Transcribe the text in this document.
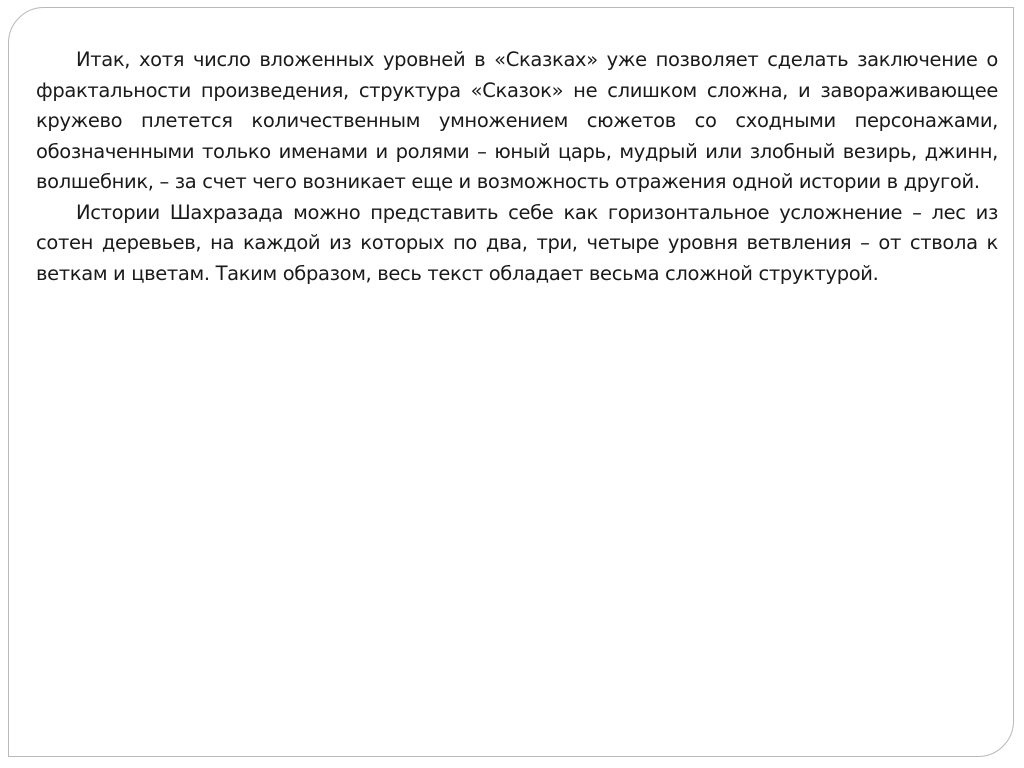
Итак, хотя число вложенных уровней в «Сказках» уже позволяет сделать заключение о фрактальности произведения, структура «Сказок» не слишком сложна, и завораживающее кружево плетется количественным умножением сюжетов со сходными персонажами, обозначенными только именами и ролями – юный царь, мудрый или злобный везирь, джинн, волшебник, – за счет чего возникает еще и возможность отражения одной истории в другой.

Истории Шахразада можно представить себе как горизонтальное усложнение – лес из сотен деревьев, на каждой из которых по два, три, четыре уровня ветвления – от ствола к веткам и цветам. Таким образом, весь текст обладает весьма сложной структурой.
